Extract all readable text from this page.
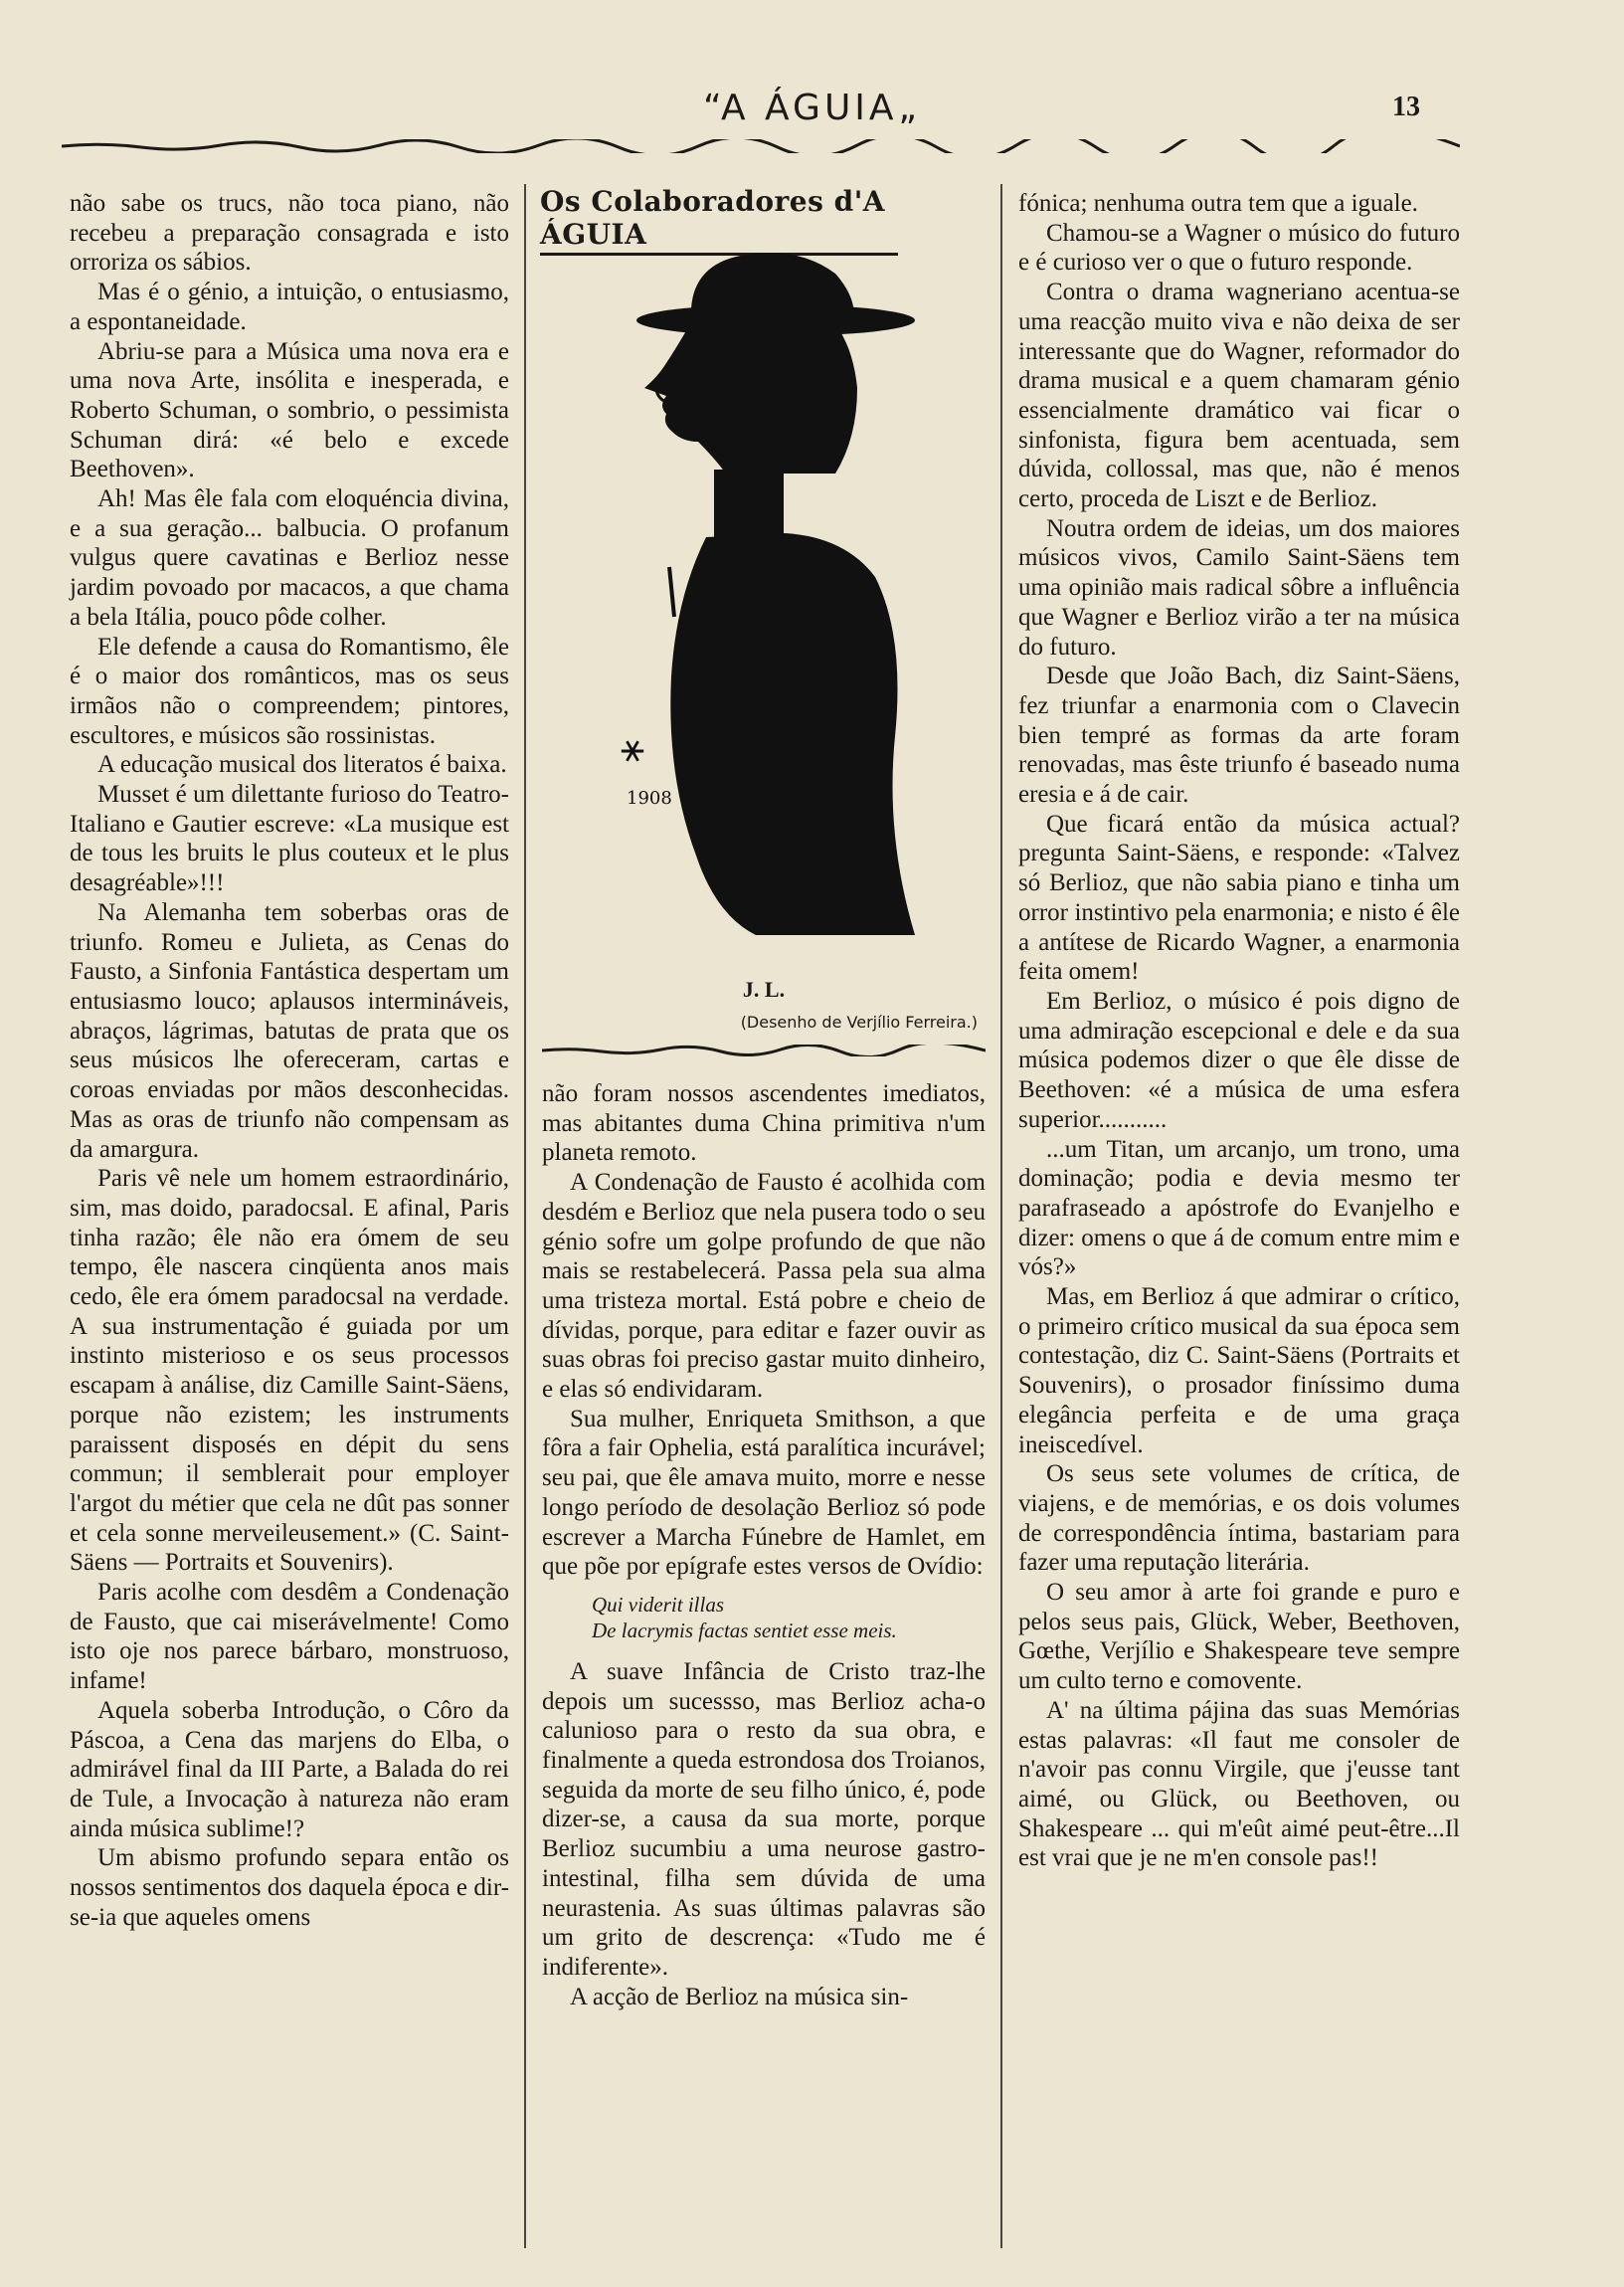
“A ÁGUIA„	13

não sabe os trucs, não toca piano, não recebeu a preparação consagrada e isto orroriza os sábios.

Mas é o génio, a intuição, o entusiasmo, a espontaneidade.

Abriu-se para a Música uma nova era e uma nova Arte, insólita e inesperada, e Roberto Schuman, o sombrio, o pessimista Schuman dirá: «é belo e excede Beethoven».

Ah! Mas êle fala com eloquéncia divina, e a sua geração... balbucia. O profanum vulgus quere cavatinas e Berlioz nesse jardim povoado por macacos, a que chama a bela Itália, pouco pôde colher.

Ele defende a causa do Romantismo, êle é o maior dos românticos, mas os seus irmãos não o compreendem; pintores, escultores, e músicos são rossinistas.

A educação musical dos literatos é baixa.

Musset é um dilettante furioso do Teatro-Italiano e Gautier escreve: «La musique est de tous les bruits le plus couteux et le plus desagréable»!!!

Na Alemanha tem soberbas oras de triunfo. Romeu e Julieta, as Cenas do Fausto, a Sinfonia Fantástica despertam um entusiasmo louco; aplausos intermináveis, abraços, lágrimas, batutas de prata que os seus músicos lhe ofereceram, cartas e coroas enviadas por mãos desconhecidas. Mas as oras de triunfo não compensam as da amargura.

Paris vê nele um homem estraordinário, sim, mas doido, paradocsal. E afinal, Paris tinha razão; êle não era ómem de seu tempo, êle nascera cinqüenta anos mais cedo, êle era ómem paradocsal na verdade. A sua instrumentação é guiada por um instinto misterioso e os seus processos escapam à análise, diz Camille Saint-Säens, porque não ezistem; les instruments paraissent disposés en dépit du sens commun; il semblerait pour employer l'argot du métier que cela ne dût pas sonner et cela sonne merveileusement.» (C. Saint-Säens — Portraits et Souvenirs).

Paris acolhe com desdêm a Condenação de Fausto, que cai miserávelmente! Como isto oje nos parece bárbaro, monstruoso, infame!

Aquela soberba Introdução, o Côro da Páscoa, a Cena das marjens do Elba, o admirável final da III Parte, a Balada do rei de Tule, a Invocação à natureza não eram ainda música sublime!?

Um abismo profundo separa então os nossos sentimentos dos daquela época e dir-se-ia que aqueles omens

Os Colaboradores d'A ÁGUIA
⚹
1908
J. L.
(Desenho de Verjílio Ferreira.)

não foram nossos ascendentes imediatos, mas abitantes duma China primitiva n'um planeta remoto.

A Condenação de Fausto é acolhida com desdém e Berlioz que nela pusera todo o seu génio sofre um golpe profundo de que não mais se restabelecerá. Passa pela sua alma uma tristeza mortal. Está pobre e cheio de dívidas, porque, para editar e fazer ouvir as suas obras foi preciso gastar muito dinheiro, e elas só endividaram.

Sua mulher, Enriqueta Smithson, a que fôra a fair Ophelia, está paralítica incurável; seu pai, que êle amava muito, morre e nesse longo período de desolação Berlioz só pode escrever a Marcha Fúnebre de Hamlet, em que põe por epígrafe estes versos de Ovídio:

Qui viderit illas
De lacrymis factas sentiet esse meis.

A suave Infância de Cristo traz-lhe depois um sucessso, mas Berlioz acha-o calunioso para o resto da sua obra, e finalmente a queda estrondosa dos Troianos, seguida da morte de seu filho único, é, pode dizer-se, a causa da sua morte, porque Berlioz sucumbiu a uma neurose gastro-intestinal, filha sem dúvida de uma neurastenia. As suas últimas palavras são um grito de descrença: «Tudo me é indiferente».

A acção de Berlioz na música sin-

fónica; nenhuma outra tem que a iguale.

Chamou-se a Wagner o músico do futuro e é curioso ver o que o futuro responde.

Contra o drama wagneriano acentua-se uma reacção muito viva e não deixa de ser interessante que do Wagner, reformador do drama musical e a quem chamaram génio essencialmente dramático vai ficar o sinfonista, figura bem acentuada, sem dúvida, collossal, mas que, não é menos certo, proceda de Liszt e de Berlioz.

Noutra ordem de ideias, um dos maiores músicos vivos, Camilo Saint-Säens tem uma opinião mais radical sôbre a influência que Wagner e Berlioz virão a ter na música do futuro.

Desde que João Bach, diz Saint-Säens, fez triunfar a enarmonia com o Clavecin bien tempré as formas da arte foram renovadas, mas êste triunfo é baseado numa eresia e á de cair.

Que ficará então da música actual? pregunta Saint-Säens, e responde: «Talvez só Berlioz, que não sabia piano e tinha um orror instintivo pela enarmonia; e nisto é êle a antítese de Ricardo Wagner, a enarmonia feita omem!

Em Berlioz, o músico é pois digno de uma admiração escepcional e dele e da sua música podemos dizer o que êle disse de Beethoven: «é a música de uma esfera superior...........

...um Titan, um arcanjo, um trono, uma dominação; podia e devia mesmo ter parafraseado a apóstrofe do Evanjelho e dizer: omens o que á de comum entre mim e vós?»

Mas, em Berlioz á que admirar o crítico, o primeiro crítico musical da sua época sem contestação, diz C. Saint-Säens (Portraits et Souvenirs), o prosador finíssimo duma elegância perfeita e de uma graça ineiscedível.

Os seus sete volumes de crítica, de viajens, e de memórias, e os dois volumes de correspondência íntima, bastariam para fazer uma reputação literária.

O seu amor à arte foi grande e puro e pelos seus pais, Glück, Weber, Beethoven, Gœthe, Verjílio e Shakespeare teve sempre um culto terno e comovente.

A' na última pájina das suas Memórias estas palavras: «Il faut me consoler de n'avoir pas connu Virgile, que j'eusse tant aimé, ou Glück, ou Beethoven, ou Shakespeare ... qui m'eût aimé peut-être...Il est vrai que je ne m'en console pas!!
